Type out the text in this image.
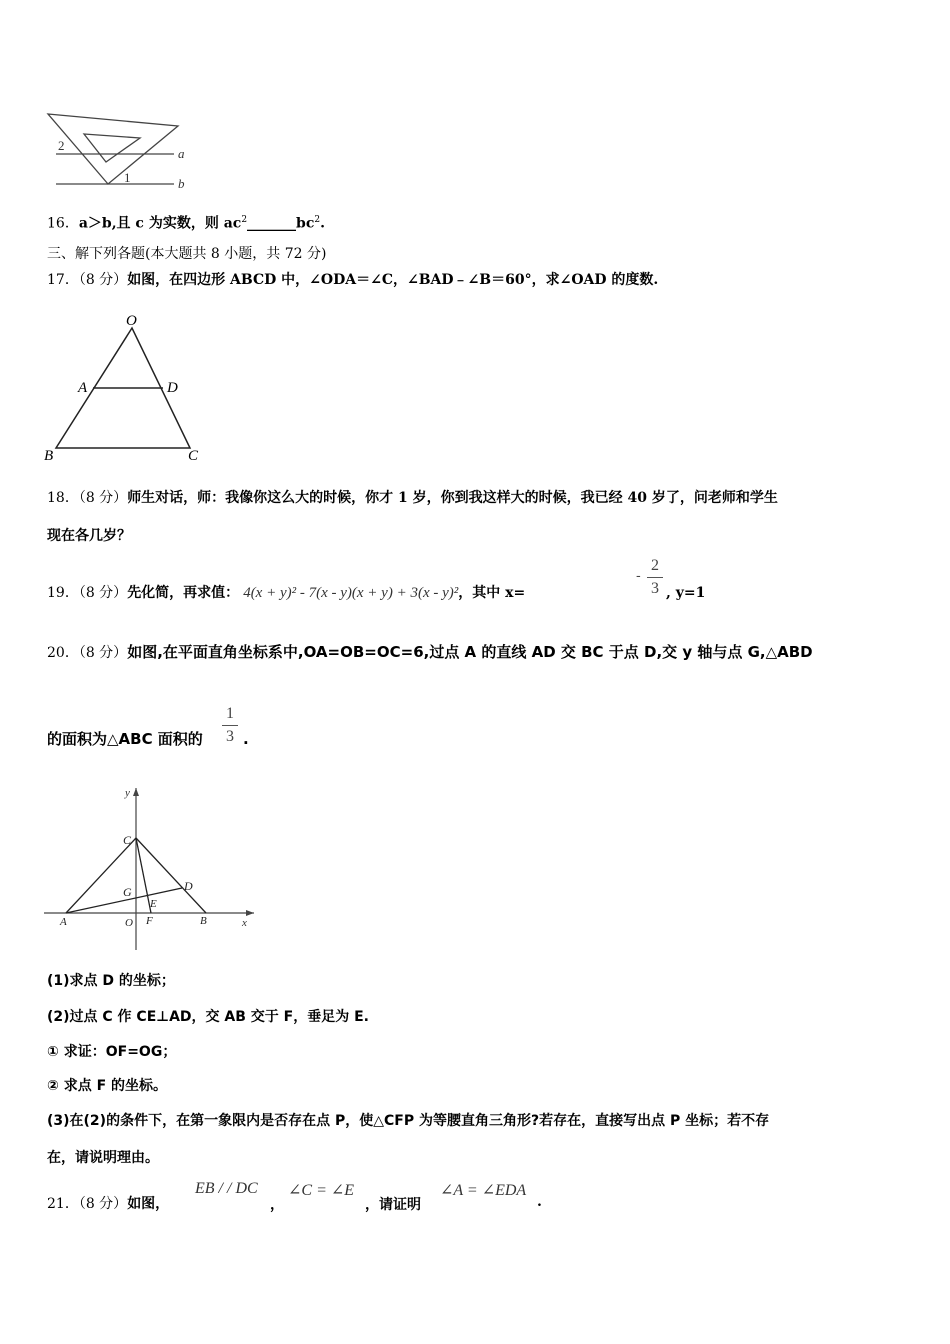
2
1
a
b
16．a＞b,且 c 为实数，则 $ac^2\_\_\_\_\_\_\_bc^2$.
三、解下列各题(本大题共 8 小题，共 72 分)
17．（8 分）如图，在四边形 ABCD 中，∠ODA＝∠C，∠BAD﹣∠B＝60°，求∠OAD 的度数.
O
A	D
B	C
18．（8 分）师生对话，师：我像你这么大的时候，你才 1 岁，你到我这样大的时候，我已经 40 岁了，问老师和学生
现在各几岁？
19．（8 分）先化简，再求值： 4(x + y)² - 7(x - y)(x + y) + 3(x - y)²，其中 x=
-
2
3 , y=1
20．（8 分）如图,在平面直角坐标系中,OA=OB=OC=6,过点 A 的直线 AD 交 BC 于点 D,交 y 轴与点 G,△ABD
的面积为△ABC 面积的
1
3 .
y
x
C
G	D
E
A	O F	B
(1)求点 D 的坐标；
(2)过点 C 作 CE⊥AD，交 AB 交于 F，垂足为 E.
① 求证：OF=OG；
② 求点 F 的坐标。
(3)在(2)的条件下，在第一象限内是否存在点 P，使△CFP 为等腰直角三角形?若存在，直接写出点 P 坐标；若不存
在，请说明理由。
21．（8 分）如图，
EB / / DC
，
∠C = ∠E
，请证明
∠A = ∠EDA
.
